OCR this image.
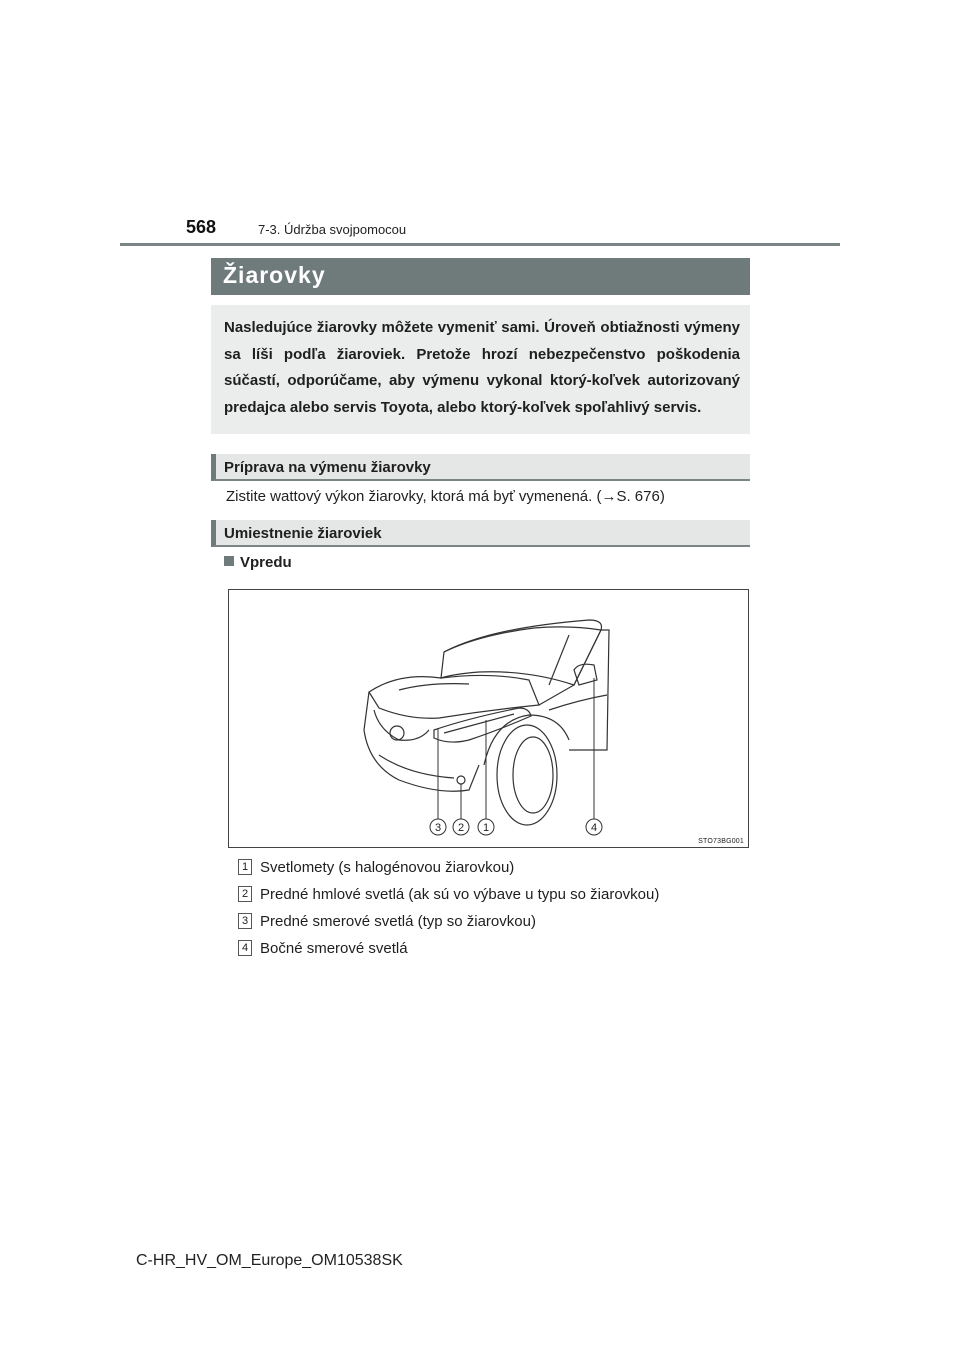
568	7-3. Údržba svojpomocou
Žiarovky
Nasledujúce žiarovky môžete vymeniť sami. Úroveň obtiažnosti výmeny sa líši podľa žiaroviek. Pretože hrozí nebezpečenstvo poškodenia súčastí, odporúčame, aby výmenu vykonal ktorý-koľvek autorizovaný predajca alebo servis Toyota, alebo ktorý-koľvek spoľahlivý servis.
Príprava na výmenu žiarovky
Zistite wattový výkon žiarovky, ktorá má byť vymenená. (→S. 676)
Umiestnenie žiaroviek
Vpredu
3 2 1	4
STO73BG001
1 Svetlomety (s halogénovou žiarovkou)
2 Predné hmlové svetlá (ak sú vo výbave u typu so žiarovkou)
3 Predné smerové svetlá (typ so žiarovkou)
4 Bočné smerové svetlá
C-HR_HV_OM_Europe_OM10538SK
